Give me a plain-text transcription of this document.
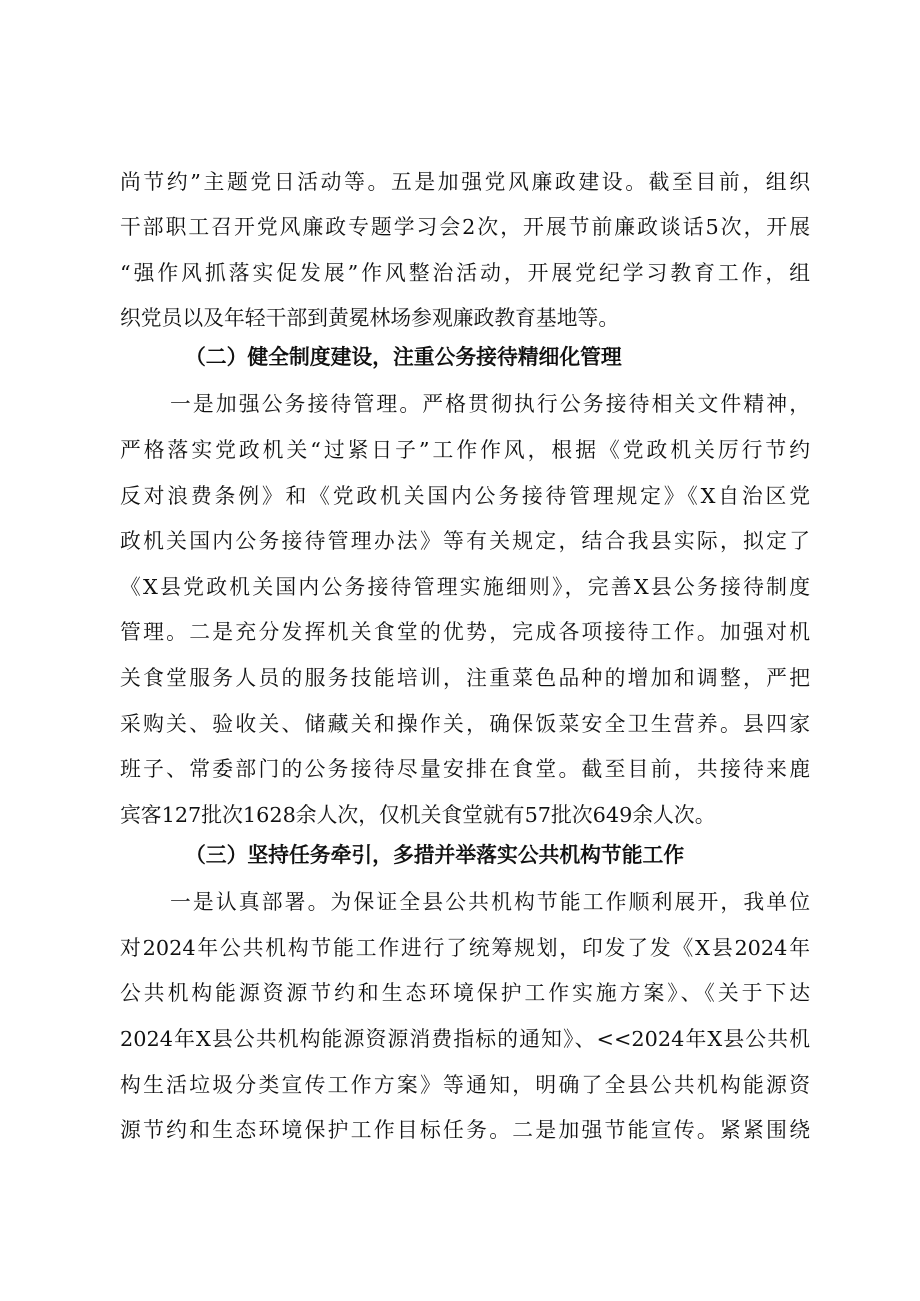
尚节约”主题党日活动等。五是加强党风廉政建设。截至目前，组织
干部职工召开党风廉政专题学习会2次，开展节前廉政谈话5次，开展
“强作风抓落实促发展”作风整治活动，开展党纪学习教育工作，组
织党员以及年轻干部到黄冕林场参观廉政教育基地等。
（二）健全制度建设，注重公务接待精细化管理
一是加强公务接待管理。严格贯彻执行公务接待相关文件精神，
严格落实党政机关“过紧日子”工作作风，根据《党政机关厉行节约
反对浪费条例》和《党政机关国内公务接待管理规定》《X自治区党
政机关国内公务接待管理办法》等有关规定，结合我县实际，拟定了
《X县党政机关国内公务接待管理实施细则》，完善X县公务接待制度
管理。二是充分发挥机关食堂的优势，完成各项接待工作。加强对机
关食堂服务人员的服务技能培训，注重菜色品种的增加和调整，严把
采购关、验收关、储藏关和操作关，确保饭菜安全卫生营养。县四家
班子、常委部门的公务接待尽量安排在食堂。截至目前，共接待来鹿
宾客127批次1628余人次，仅机关食堂就有57批次649余人次。
（三）坚持任务牵引，多措并举落实公共机构节能工作
一是认真部署。为保证全县公共机构节能工作顺利展开，我单位
对2024年公共机构节能工作进行了统筹规划，印发了发《X县2024年
公共机构能源资源节约和生态环境保护工作实施方案》、《关于下达
2024年X县公共机构能源资源消费指标的通知》、<<2024年X县公共机
构生活垃圾分类宣传工作方案》等通知，明确了全县公共机构能源资
源节约和生态环境保护工作目标任务。二是加强节能宣传。紧紧围绕
